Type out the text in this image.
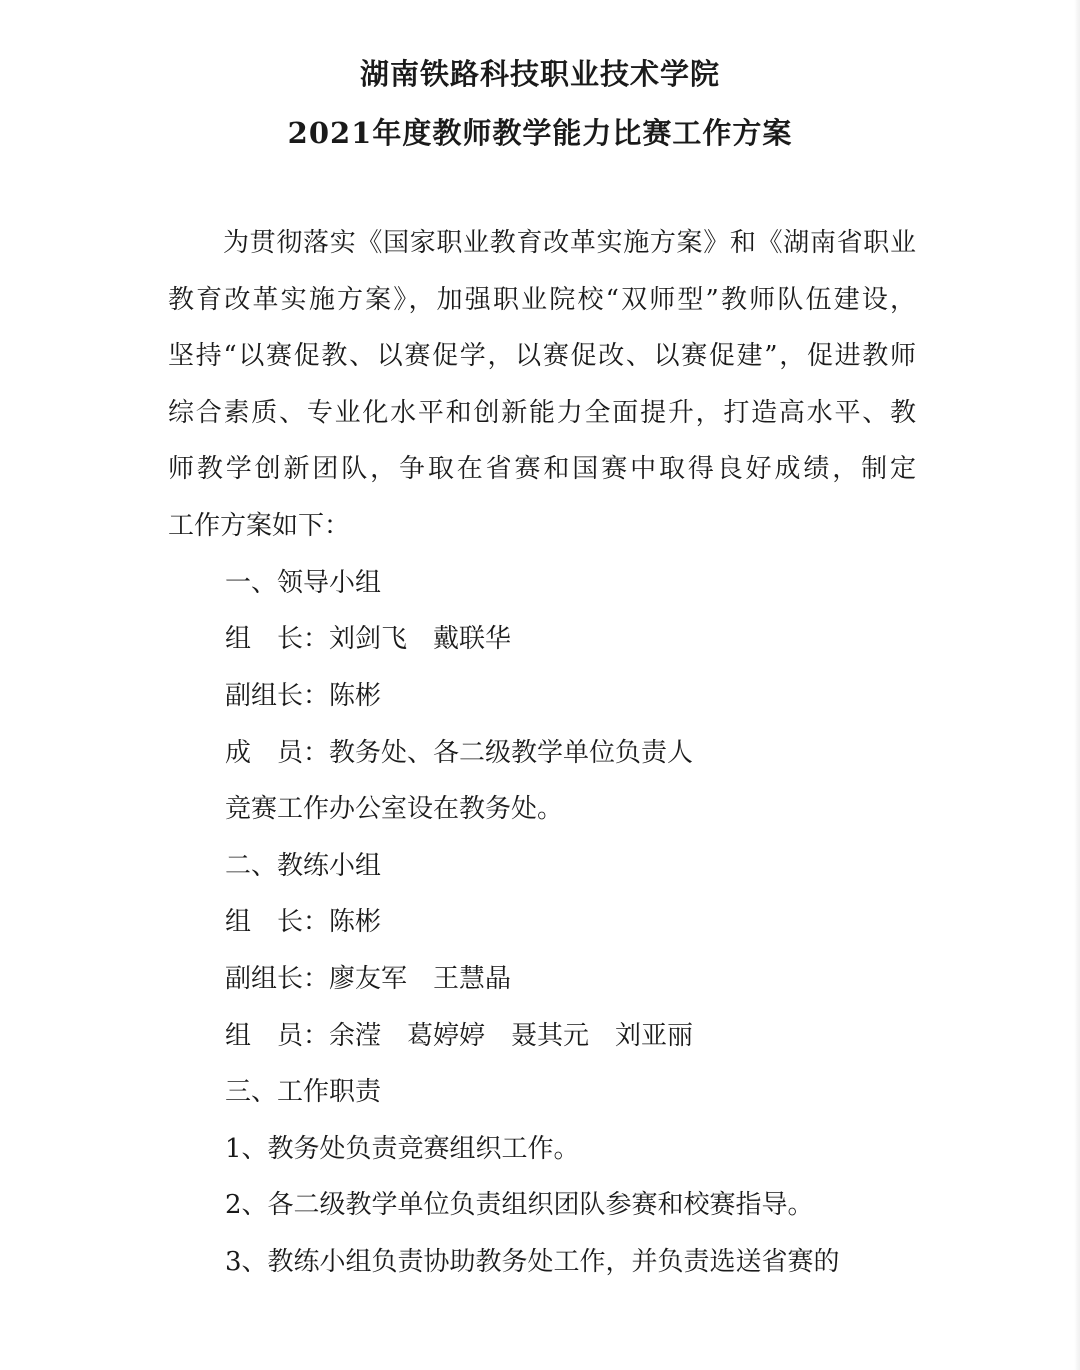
湖南铁路科技职业技术学院
2021年度教师教学能力比赛工作方案
为贯彻落实《国家职业教育改革实施方案》和《湖南省职业
教育改革实施方案》，加强职业院校“双师型”教师队伍建设，
坚持“以赛促教、以赛促学，以赛促改、以赛促建”，促进教师
综合素质、专业化水平和创新能力全面提升，打造高水平、教
师教学创新团队，争取在省赛和国赛中取得良好成绩，制定
工作方案如下：
一、领导小组
组　长：刘剑飞　戴联华
副组长：陈彬
成　员：教务处、各二级教学单位负责人
竞赛工作办公室设在教务处。
二、教练小组
组　长：陈彬
副组长：廖友军　王慧晶
组　员：余滢　葛婷婷　聂其元　刘亚丽
三、工作职责
1、教务处负责竞赛组织工作。
2、各二级教学单位负责组织团队参赛和校赛指导。
3、教练小组负责协助教务处工作，并负责选送省赛的
